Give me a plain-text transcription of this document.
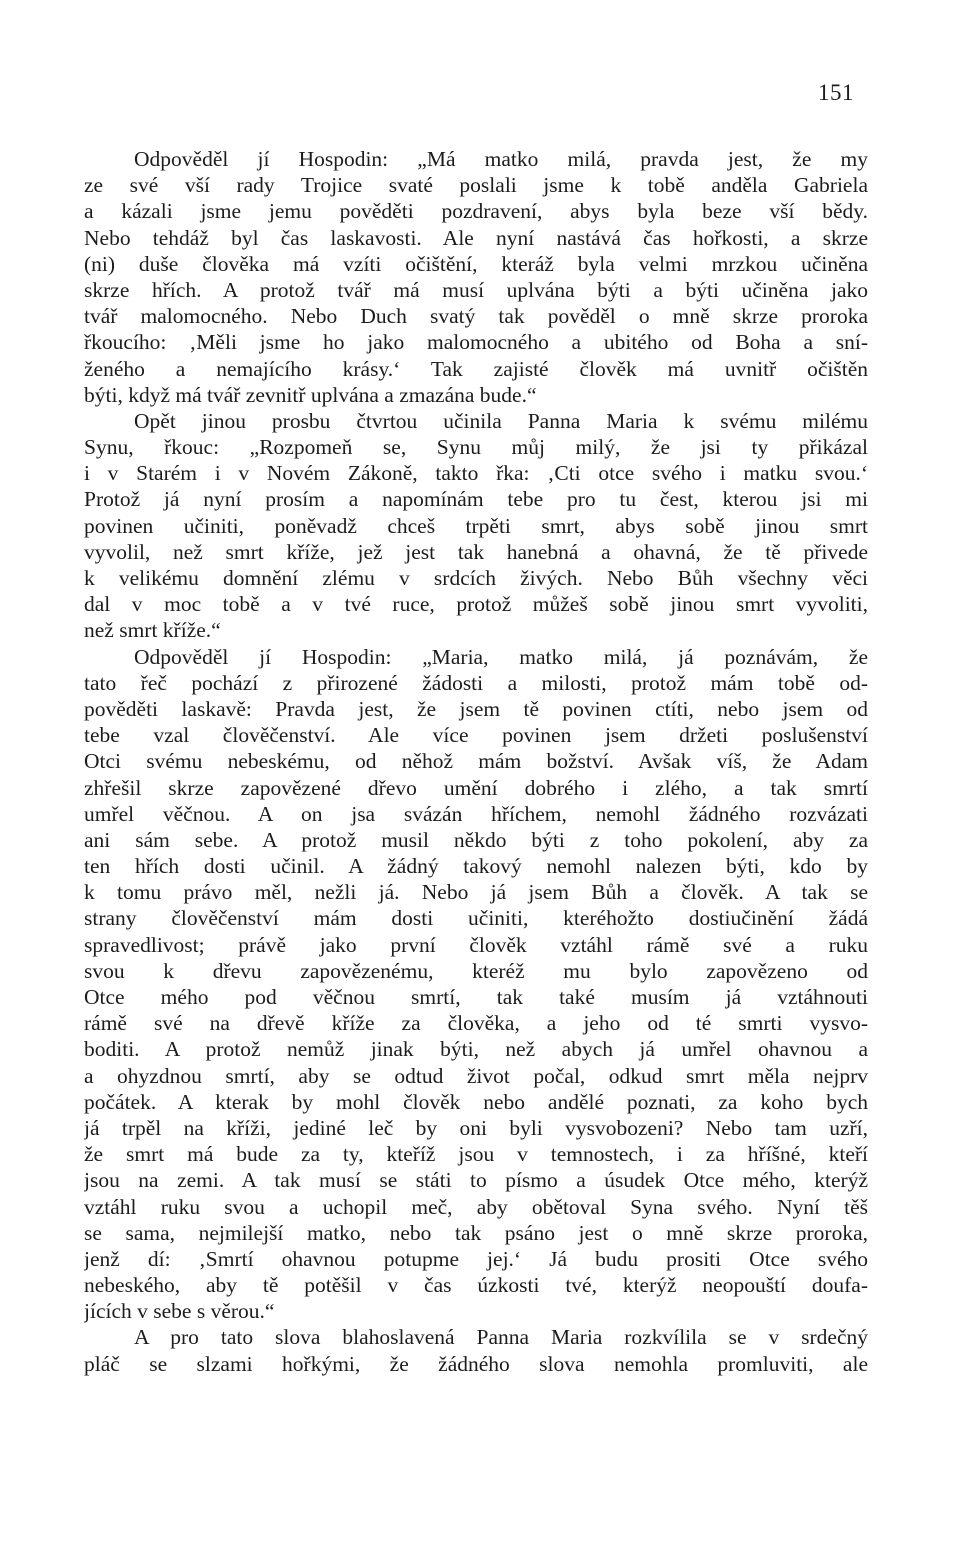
151
Odpověděl jí Hospodin: „Má matko milá, pravda jest, že my
ze své vší rady Trojice svaté poslali jsme k tobě anděla Gabriela
a kázali jsme jemu pověděti pozdravení, abys byla beze vší bědy.
Nebo tehdáž byl čas laskavosti. Ale nyní nastává čas hořkosti, a skrze
(ni) duše člověka má vzíti očištění, kteráž byla velmi mrzkou učiněna
skrze hřích. A protož tvář má musí uplvána býti a býti učiněna jako
tvář malomocného. Nebo Duch svatý tak pověděl o mně skrze proroka
řkoucího: ‚Měli jsme ho jako malomocného a ubitého od Boha a sní-
ženého a nemajícího krásy.‘ Tak zajisté člověk má uvnitř očištěn
býti, když má tvář zevnitř uplvána a zmazána bude.“
Opět jinou prosbu čtvrtou učinila Panna Maria k svému milému
Synu, řkouc: „Rozpomeň se, Synu můj milý, že jsi ty přikázal
i v Starém i v Novém Zákoně, takto řka: ‚Cti otce svého i matku svou.‘
Protož já nyní prosím a napomínám tebe pro tu čest, kterou jsi mi
povinen učiniti, poněvadž chceš trpěti smrt, abys sobě jinou smrt
vyvolil, než smrt kříže, jež jest tak hanebná a ohavná, že tě přivede
k velikému domnění zlému v srdcích živých. Nebo Bůh všechny věci
dal v moc tobě a v tvé ruce, protož můžeš sobě jinou smrt vyvoliti,
než smrt kříže.“
Odpověděl jí Hospodin: „Maria, matko milá, já poznávám, že
tato řeč pochází z přirozené žádosti a milosti, protož mám tobě od-
pověděti laskavě: Pravda jest, že jsem tě povinen ctíti, nebo jsem od
tebe vzal člověčenství. Ale více povinen jsem držeti poslušenství
Otci svému nebeskému, od něhož mám božství. Avšak víš, že Adam
zhřešil skrze zapovězené dřevo umění dobrého i zlého, a tak smrtí
umřel věčnou. A on jsa svázán hříchem, nemohl žádného rozvázati
ani sám sebe. A protož musil někdo býti z toho pokolení, aby za
ten hřích dosti učinil. A žádný takový nemohl nalezen býti, kdo by
k tomu právo měl, nežli já. Nebo já jsem Bůh a člověk. A tak se
strany člověčenství mám dosti učiniti, kteréhožto dostiučinění žádá
spravedlivost; právě jako první člověk vztáhl rámě své a ruku
svou k dřevu zapovězenému, kteréž mu bylo zapovězeno od
Otce mého pod věčnou smrtí, tak také musím já vztáhnouti
rámě své na dřevě kříže za člověka, a jeho od té smrti vysvo-
boditi. A protož nemůž jinak býti, než abych já umřel ohavnou a
a ohyzdnou smrtí, aby se odtud život počal, odkud smrt měla nejprv
počátek. A kterak by mohl člověk nebo andělé poznati, za koho bych
já trpěl na kříži, jediné leč by oni byli vysvobozeni? Nebo tam uzří,
že smrt má bude za ty, kteříž jsou v temnostech, i za hříšné, kteří
jsou na zemi. A tak musí se státi to písmo a úsudek Otce mého, kterýž
vztáhl ruku svou a uchopil meč, aby obětoval Syna svého. Nyní těš
se sama, nejmilejší matko, nebo tak psáno jest o mně skrze proroka,
jenž dí: ‚Smrtí ohavnou potupme jej.‘ Já budu prositi Otce svého
nebeského, aby tě potěšil v čas úzkosti tvé, kterýž neopouští doufa-
jících v sebe s věrou.“
A pro tato slova blahoslavená Panna Maria rozkvílila se v srdečný
pláč se slzami hořkými, že žádného slova nemohla promluviti, ale
